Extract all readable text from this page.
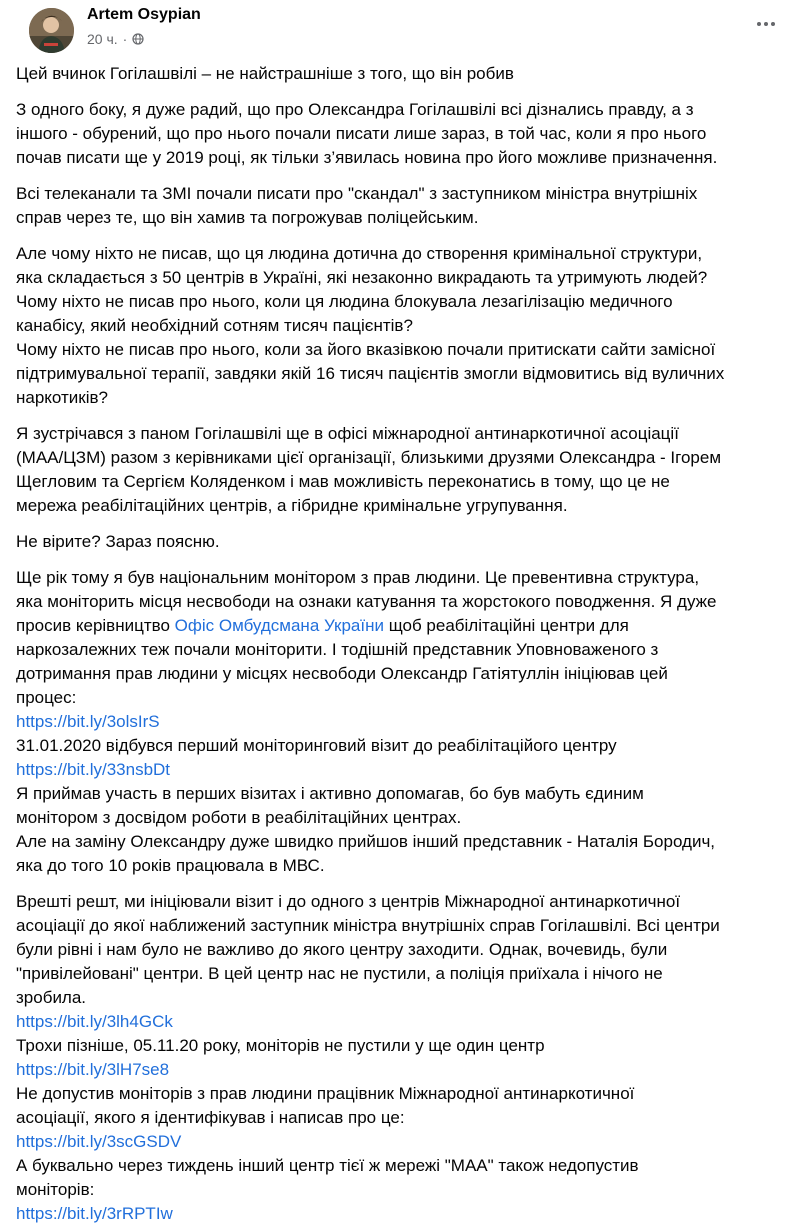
Artem Osypian
20 ч. ·
Цей вчинок Гогілашвілі – не найстрашніше з того, що він робив
З одного боку, я дуже радий, що про Олександра Гогілашвілі всі дізнались правду, а з
іншого - обурений, що про нього почали писати лише зараз, в той час, коли я про нього
почав писати ще у 2019 році, як тільки з’явилась новина про його можливе призначення.
Всі телеканали та ЗМІ почали писати про "скандал" з заступником міністра внутрішніх
справ через те, що він хамив та погрожував поліцейським.
Але чому ніхто не писав, що ця людина дотична до створення кримінальної структури,
яка складається з 50 центрів в Україні, які незаконно викрадають та утримують людей?
Чому ніхто не писав про нього, коли ця людина блокувала лезагілізацію медичного
канабісу, який необхідний сотням тисяч пацієнтів?
Чому ніхто не писав про нього, коли за його вказівкою почали притискати сайти замісної
підтримувальної терапії, завдяки якій 16 тисяч пацієнтів змогли відмовитись від вуличних
наркотиків?
Я зустрічався з паном Гогілашвілі ще в офісі міжнародної антинаркотичної асоціації
(МАА/ЦЗМ) разом з керівниками цієї організації, близькими друзями Олександра - Ігорем
Щегловим та Сергієм Коляденком і мав можливість переконатись в тому, що це не
мережа реабілітаційних центрів, а гібридне кримінальне угрупування.
Не вірите? Зараз поясню.
Ще рік тому я був національним монітором з прав людини. Це превентивна структура,
яка моніторить місця несвободи на ознаки катування та жорстокого поводження. Я дуже
просив керівництво Офіс Омбудсмана України щоб реабілітаційні центри для
наркозалежних теж почали моніторити. І тодішній представник Уповноваженого з
дотримання прав людини у місцях несвободи Олександр Гатіятуллін ініціював цей
процес:
https://bit.ly/3olsIrS
31.01.2020 відбувся перший моніторинговий візит до реабілітаційого центру
https://bit.ly/33nsbDt
Я приймав участь в перших візитах і активно допомагав, бо був мабуть єдиним
монітором з досвідом роботи в реабілітаційних центрах.
Але на заміну Олександру дуже швидко прийшов інший представник - Наталія Бородич,
яка до того 10 років працювала в МВС.
Врешті решт, ми ініціювали візит і до одного з центрів Міжнародної антинаркотичної
асоціації до якої наближений заступник міністра внутрішніх справ Гогілашвілі. Всі центри
були рівні і нам було не важливо до якого центру заходити. Однак, вочевидь, були
"привілейовані" центри. В цей центр нас не пустили, а поліція приїхала і нічого не
зробила.
https://bit.ly/3lh4GCk
Трохи пізніше, 05.11.20 року, моніторів не пустили у ще один центр
https://bit.ly/3lH7se8
Не допустив моніторів з прав людини працівник Міжнародної антинаркотичної
асоціації, якого я ідентифікував і написав про це:
https://bit.ly/3scGSDV
А буквально через тиждень інший центр тієї ж мережі "МАА" також недопустив
моніторів:
https://bit.ly/3rRPTIw
